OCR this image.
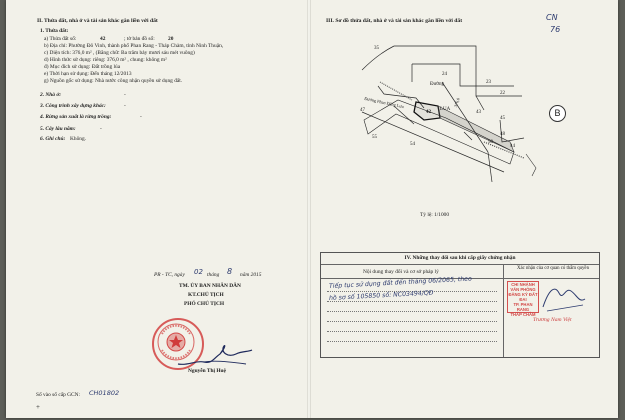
II. Thửa đất, nhà ở và tài sản khác gắn liền với đất
1. Thửa đất:
a) Thửa đất số:	42	; tờ bản đồ số: 20
b) Địa chỉ: Phường Đô Vinh, thành phố Phan Rang - Tháp Chàm, tỉnh Ninh Thuận,
c) Diện tích: 376,0 m² , (Bằng chữ: Ba trăm bảy mươi sáu mét vuông)
d) Hình thức sử dụng: riêng: 376,0 m² , chung: không m²
đ) Mục đích sử dụng: Đất trồng lúa
e) Thời hạn sử dụng: Đến tháng 12/2013
g) Nguồn gốc sử dụng: Nhà nước công nhận quyền sử dụng đất.
2. Nhà ở:	-
3. Công trình xây dựng khác:	-
4. Rừng sản xuất là rừng trồng:	-
5. Cây lâu năm:	-
6. Ghi chú: Không.
PR - TC, ngày 02 tháng 8 năm 2015
TM. ỦY BAN NHÂN DÂN
KT.CHỦ TỊCH
PHÓ CHỦ TỊCH
Nguyễn Thị Huệ
Số vào sổ cấp GCN: CH01802
+
III. Sơ đồ thửa đất, nhà ở và tài sản khác gắn liền với đất	CN
76
35
24
23
22
43
45
47
50
48
44
55
54
42
LUA
376,0
Đường
Đường Phan Đăng Lưu
B
Tỷ lệ: 1/1000
IV. Những thay đổi sau khi cấp giấy chứng nhận
Nội dung thay đổi và cơ sở pháp lý
Xác nhận của cơ quan có thẩm quyền
Tiếp tục sử dụng đất đến tháng 06/2065, theo
hồ sơ số 105850 số: NC03494/QĐ
CHI NHÁNH
VĂN PHÒNG
ĐĂNG KÝ ĐẤT ĐAI
TP. PHAN RANG
THÁP CHÀM
Trương Nam Việt
